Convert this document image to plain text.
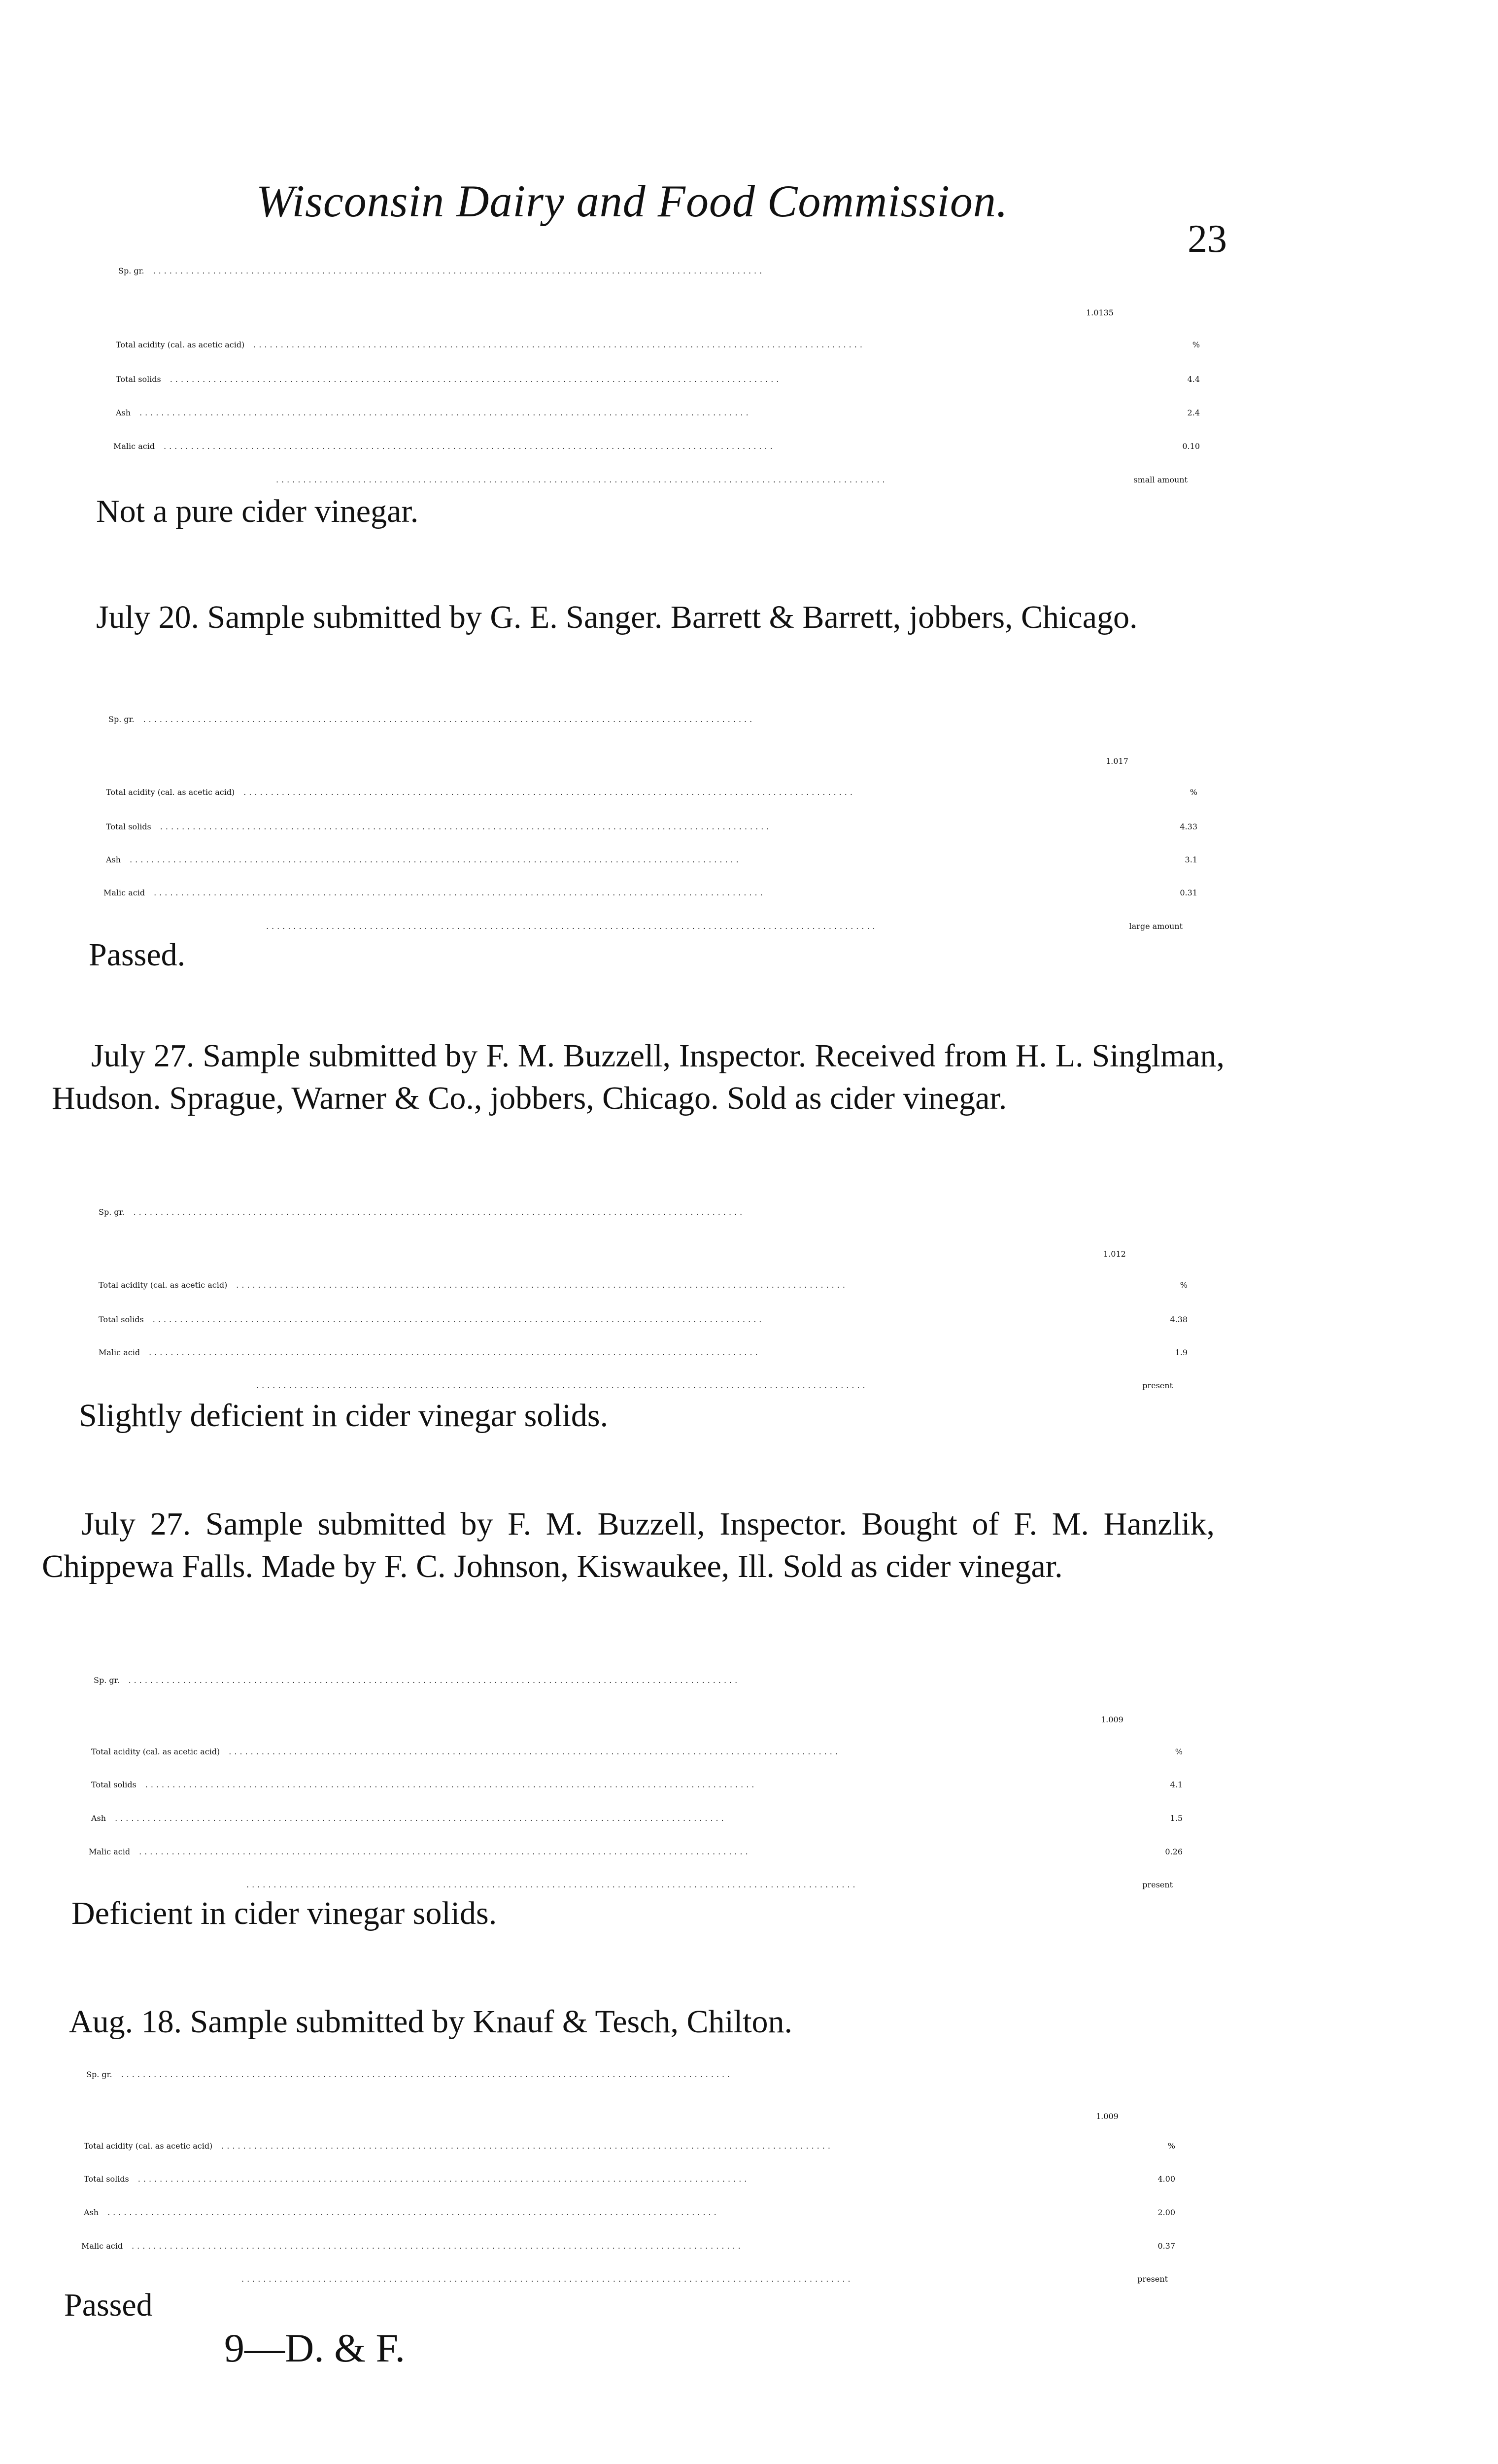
Wisconsin Dairy and Food Commission.
23
Sp. gr.	................................................................................................................
1.0135
Total acidity (cal. as acetic acid)	................................................................................................................	%
Total solids	................................................................................................................	4.4
Ash	................................................................................................................	2.4
Malic acid	................................................................................................................	0.10
................................................................................................................	small amount
Not a pure cider vinegar.
July 20. Sample submitted by G. E. Sanger. Barrett & Barrett, jobbers, Chicago.
Sp. gr.	................................................................................................................
1.017
Total acidity (cal. as acetic acid)	................................................................................................................	%
Total solids	................................................................................................................	4.33
Ash	................................................................................................................	3.1
Malic acid	................................................................................................................	0.31
................................................................................................................	large amount
Passed.
July 27. Sample submitted by F. M. Buzzell, Inspector. Received from H. L. Singlman, Hudson. Sprague, Warner & Co., jobbers, Chicago. Sold as cider vinegar.
Sp. gr.	................................................................................................................
1.012
Total acidity (cal. as acetic acid)	................................................................................................................	%
Total solids	................................................................................................................	4.38
Malic acid	................................................................................................................	1.9
................................................................................................................	present
Slightly deficient in cider vinegar solids.
July 27. Sample submitted by F. M. Buzzell, Inspector. Bought of F. M. Hanzlik, Chippewa Falls. Made by F. C. Johnson, Kiswaukee, Ill. Sold as cider vinegar.
Sp. gr.	................................................................................................................
1.009
Total acidity (cal. as acetic acid)	................................................................................................................	%
Total solids	................................................................................................................	4.1
Ash	................................................................................................................	1.5
Malic acid	................................................................................................................	0.26
................................................................................................................	present
Deficient in cider vinegar solids.
Aug. 18. Sample submitted by Knauf & Tesch, Chilton.
Sp. gr.	................................................................................................................
1.009
Total acidity (cal. as acetic acid)	................................................................................................................	%
Total solids	................................................................................................................	4.00
Ash	................................................................................................................	2.00
Malic acid	................................................................................................................	0.37
................................................................................................................	present
Passed
9—D. & F.
